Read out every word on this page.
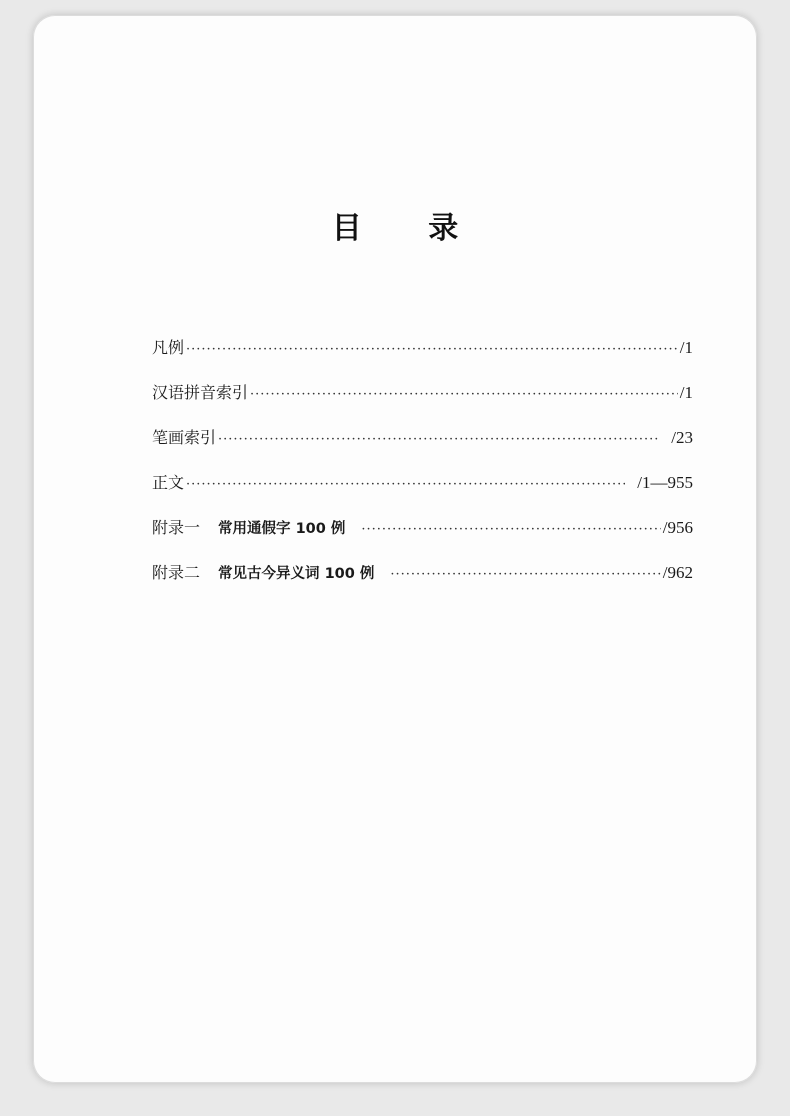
目 录
凡例 ·····	/1
汉语拼音索引 ·····	/1
笔画索引 ·····	/23
正文 ·····	/1—955
附录一 常用通假字 100 例 ·····	/956
附录二 常见古今异义词 100 例 ·····	/962
